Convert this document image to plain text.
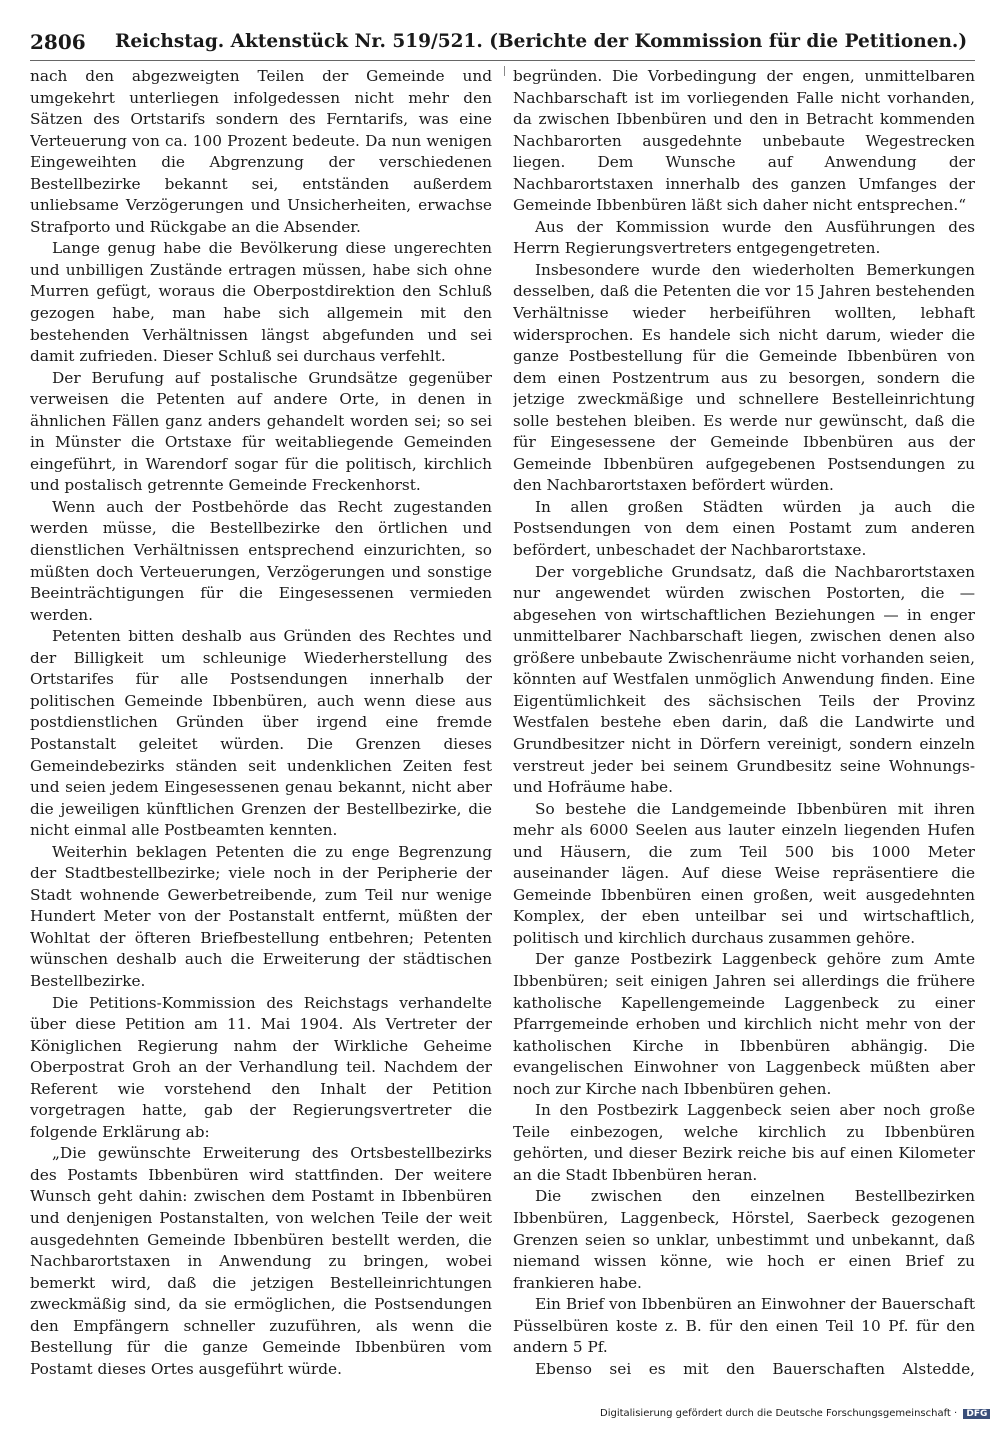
2806 Reichstag. Aktenstück Nr. 519/521. (Berichte der Kommission für die Petitionen.)

nach den abgezweigten Teilen der Gemeinde und umgekehrt unterliegen infolgedessen nicht mehr den Sätzen des Ortstarifs sondern des Ferntarifs, was eine Verteuerung von ca. 100 Prozent bedeute. Da nun wenigen Eingeweihten die Abgrenzung der verschiedenen Bestellbezirke bekannt sei, entständen außerdem unliebsame Verzögerungen und Unsicherheiten, erwachse Strafporto und Rückgabe an die Absender.

Lange genug habe die Bevölkerung diese ungerechten und unbilligen Zustände ertragen müssen, habe sich ohne Murren gefügt, woraus die Oberpostdirektion den Schluß gezogen habe, man habe sich allgemein mit den bestehenden Verhältnissen längst abgefunden und sei damit zufrieden. Dieser Schluß sei durchaus verfehlt.

Der Berufung auf postalische Grundsätze gegenüber verweisen die Petenten auf andere Orte, in denen in ähnlichen Fällen ganz anders gehandelt worden sei; so sei in Münster die Ortstaxe für weitabliegende Gemeinden eingeführt, in Warendorf sogar für die politisch, kirchlich und postalisch getrennte Gemeinde Freckenhorst.

Wenn auch der Postbehörde das Recht zugestanden werden müsse, die Bestellbezirke den örtlichen und dienstlichen Verhältnissen entsprechend einzurichten, so müßten doch Verteuerungen, Verzögerungen und sonstige Beeinträchtigungen für die Eingesessenen vermieden werden.

Petenten bitten deshalb aus Gründen des Rechtes und der Billigkeit um schleunige Wiederherstellung des Ortstarifes für alle Postsendungen innerhalb der politischen Gemeinde Ibbenbüren, auch wenn diese aus postdienstlichen Gründen über irgend eine fremde Postanstalt geleitet würden. Die Grenzen dieses Gemeindebezirks ständen seit undenklichen Zeiten fest und seien jedem Eingesessenen genau bekannt, nicht aber die jeweiligen künftlichen Grenzen der Bestellbezirke, die nicht einmal alle Postbeamten kennten.

Weiterhin beklagen Petenten die zu enge Begrenzung der Stadtbestellbezirke; viele noch in der Peripherie der Stadt wohnende Gewerbetreibende, zum Teil nur wenige Hundert Meter von der Postanstalt entfernt, müßten der Wohltat der öfteren Briefbestellung entbehren; Petenten wünschen deshalb auch die Erweiterung der städtischen Bestellbezirke.

Die Petitions-Kommission des Reichstags verhandelte über diese Petition am 11. Mai 1904. Als Vertreter der Königlichen Regierung nahm der Wirkliche Geheime Oberpostrat Groh an der Verhandlung teil. Nachdem der Referent wie vorstehend den Inhalt der Petition vorgetragen hatte, gab der Regierungsvertreter die folgende Erklärung ab:

„Die gewünschte Erweiterung des Ortsbestellbezirks des Postamts Ibbenbüren wird stattfinden. Der weitere Wunsch geht dahin: zwischen dem Postamt in Ibbenbüren und denjenigen Postanstalten, von welchen Teile der weit ausgedehnten Gemeinde Ibbenbüren bestellt werden, die Nachbarortstaxen in Anwendung zu bringen, wobei bemerkt wird, daß die jetzigen Bestelleinrichtungen zweckmäßig sind, da sie ermöglichen, die Postsendungen den Empfängern schneller zuzuführen, als wenn die Bestellung für die ganze Gemeinde Ibbenbüren vom Postamt dieses Ortes ausgeführt würde.

begründen. Die Vorbedingung der engen, unmittelbaren Nachbarschaft ist im vorliegenden Falle nicht vorhanden, da zwischen Ibbenbüren und den in Betracht kommenden Nachbarorten ausgedehnte unbebaute Wegestrecken liegen. Dem Wunsche auf Anwendung der Nachbarortstaxen innerhalb des ganzen Umfanges der Gemeinde Ibbenbüren läßt sich daher nicht entsprechen.“

Aus der Kommission wurde den Ausführungen des Herrn Regierungsvertreters entgegengetreten.

Insbesondere wurde den wiederholten Bemerkungen desselben, daß die Petenten die vor 15 Jahren bestehenden Verhältnisse wieder herbeiführen wollten, lebhaft widersprochen. Es handele sich nicht darum, wieder die ganze Postbestellung für die Gemeinde Ibbenbüren von dem einen Postzentrum aus zu besorgen, sondern die jetzige zweckmäßige und schnellere Bestelleinrichtung solle bestehen bleiben. Es werde nur gewünscht, daß die für Eingesessene der Gemeinde Ibbenbüren aus der Gemeinde Ibbenbüren aufgegebenen Postsendungen zu den Nachbarortstaxen befördert würden.

In allen großen Städten würden ja auch die Postsendungen von dem einen Postamt zum anderen befördert, unbeschadet der Nachbarortstaxe.

Der vorgebliche Grundsatz, daß die Nachbarortstaxen nur angewendet würden zwischen Postorten, die — abgesehen von wirtschaftlichen Beziehungen — in enger unmittelbarer Nachbarschaft liegen, zwischen denen also größere unbebaute Zwischenräume nicht vorhanden seien, könnten auf Westfalen unmöglich Anwendung finden. Eine Eigentümlichkeit des sächsischen Teils der Provinz Westfalen bestehe eben darin, daß die Landwirte und Grundbesitzer nicht in Dörfern vereinigt, sondern einzeln verstreut jeder bei seinem Grundbesitz seine Wohnungs- und Hofräume habe.

So bestehe die Landgemeinde Ibbenbüren mit ihren mehr als 6000 Seelen aus lauter einzeln liegenden Hufen und Häusern, die zum Teil 500 bis 1000 Meter auseinander lägen. Auf diese Weise repräsentiere die Gemeinde Ibbenbüren einen großen, weit ausgedehnten Komplex, der eben unteilbar sei und wirtschaftlich, politisch und kirchlich durchaus zusammen gehöre.

Der ganze Postbezirk Laggenbeck gehöre zum Amte Ibbenbüren; seit einigen Jahren sei allerdings die frühere katholische Kapellengemeinde Laggenbeck zu einer Pfarrgemeinde erhoben und kirchlich nicht mehr von der katholischen Kirche in Ibbenbüren abhängig. Die evangelischen Einwohner von Laggenbeck müßten aber noch zur Kirche nach Ibbenbüren gehen.

In den Postbezirk Laggenbeck seien aber noch große Teile einbezogen, welche kirchlich zu Ibbenbüren gehörten, und dieser Bezirk reiche bis auf einen Kilometer an die Stadt Ibbenbüren heran.

Die zwischen den einzelnen Bestellbezirken Ibbenbüren, Laggenbeck, Hörstel, Saerbeck gezogenen Grenzen seien so unklar, unbestimmt und unbekannt, daß niemand wissen könne, wie hoch er einen Brief zu frankieren habe.

Ein Brief von Ibbenbüren an Einwohner der Bauerschaft Püsselbüren koste z. B. für den einen Teil 10 Pf. für den andern 5 Pf.

Ebenso sei es mit den Bauerschaften Alstedde,

Digitalisierung gefördert durch die Deutsche Forschungsgemeinschaft · DFG
